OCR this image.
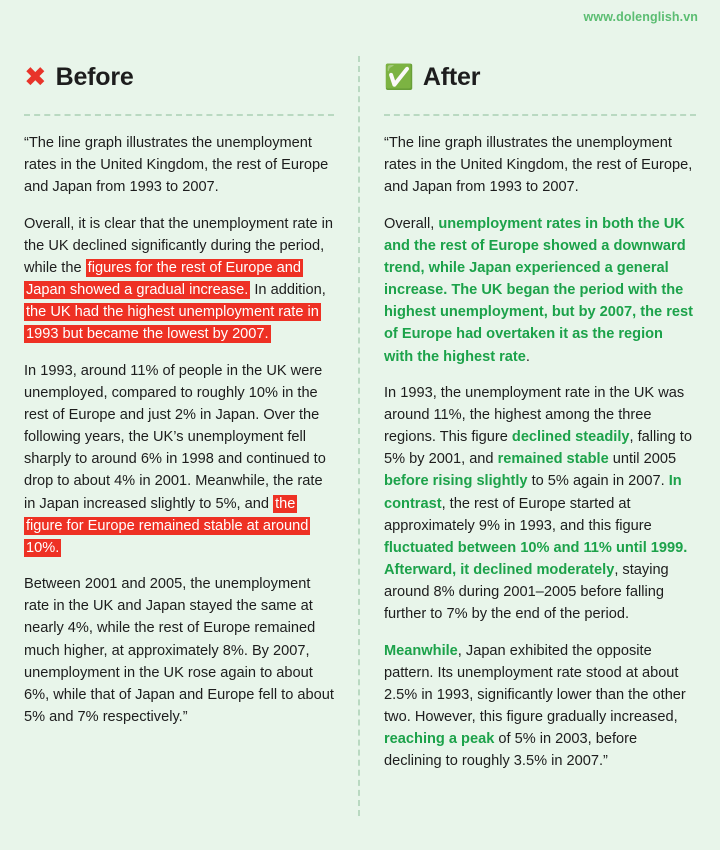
www.dolenglish.vn
✖ Before

“The line graph illustrates the unemployment rates in the United Kingdom, the rest of Europe and Japan from 1993 to 2007.

Overall, it is clear that the unemployment rate in the UK declined significantly during the period, while the figures for the rest of Europe and Japan showed a gradual increase. In addition, the UK had the highest unemployment rate in 1993 but became the lowest by 2007.

In 1993, around 11% of people in the UK were unemployed, compared to roughly 10% in the rest of Europe and just 2% in Japan. Over the following years, the UK’s unemployment fell sharply to around 6% in 1998 and continued to drop to about 4% in 2001. Meanwhile, the rate in Japan increased slightly to 5%, and the figure for Europe remained stable at around 10%.

Between 2001 and 2005, the unemployment rate in the UK and Japan stayed the same at nearly 4%, while the rest of Europe remained much higher, at approximately 8%. By 2007, unemployment in the UK rose again to about 6%, while that of Japan and Europe fell to about 5% and 7% respectively.”

✅ After

“The line graph illustrates the unemployment rates in the United Kingdom, the rest of Europe, and Japan from 1993 to 2007.

Overall, unemployment rates in both the UK and the rest of Europe showed a downward trend, while Japan experienced a general increase. The UK began the period with the highest unemployment, but by 2007, the rest of Europe had overtaken it as the region with the highest rate.

In 1993, the unemployment rate in the UK was around 11%, the highest among the three regions. This figure declined steadily, falling to 5% by 2001, and remained stable until 2005 before rising slightly to 5% again in 2007. In contrast, the rest of Europe started at approximately 9% in 1993, and this figure fluctuated between 10% and 11% until 1999. Afterward, it declined moderately, staying around 8% during 2001–2005 before falling further to 7% by the end of the period.

Meanwhile, Japan exhibited the opposite pattern. Its unemployment rate stood at about 2.5% in 1993, significantly lower than the other two. However, this figure gradually increased, reaching a peak of 5% in 2003, before declining to roughly 3.5% in 2007.”
